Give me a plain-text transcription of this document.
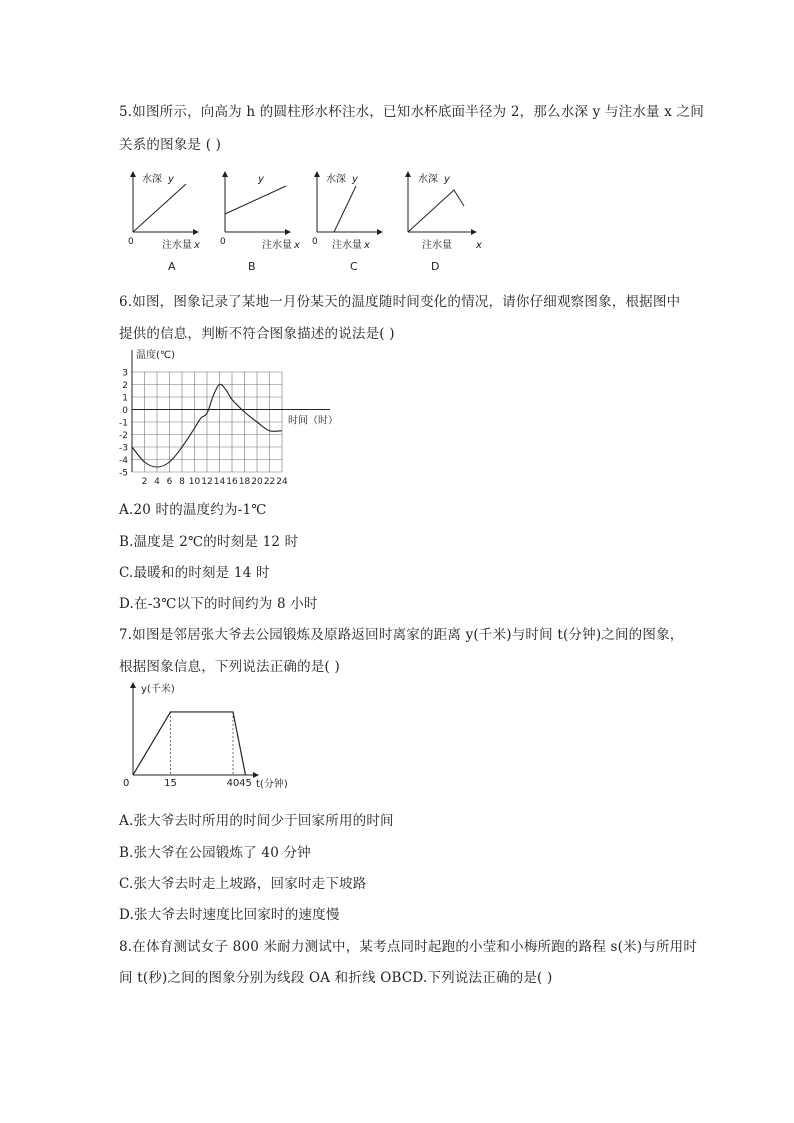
5.如图所示，向高为 h 的圆柱形水杯注水，已知水杯底面半径为 2，那么水深 y 与注水量 x 之间
关系的图象是 ( )
水深 y
0	注水量 x
A
y
0	注水量 x
B
水深 y
0 注水量 x
C
水深 y
注水量 x
D
6.如图，图象记录了某地一月份某天的温度随时间变化的情况，请你仔细观察图象，根据图中
提供的信息，判断不符合图象描述的说法是( )
温度(℃)
时间（时）
3
2
1
0
-1
-2
-3
-4
-5
2 4 6 8 10 12 14 16 18 20 22 24
A.20 时的温度约为-1℃
B.温度是 2℃的时刻是 12 时
C.最暖和的时刻是 14 时
D.在-3℃以下的时间约为 8 小时
7.如图是邻居张大爷去公园锻炼及原路返回时离家的距离 y(千米)与时间 t(分钟)之间的图象，
根据图象信息，下列说法正确的是( )
y(千米)
t(分钟)
0	15	40 45
A.张大爷去时所用的时间少于回家所用的时间
B.张大爷在公园锻炼了 40 分钟
C.张大爷去时走上坡路，回家时走下坡路
D.张大爷去时速度比回家时的速度慢
8.在体育测试女子 800 米耐力测试中，某考点同时起跑的小莹和小梅所跑的路程 s(米)与所用时
间 t(秒)之间的图象分别为线段 OA 和折线 OBCD.下列说法正确的是( )
